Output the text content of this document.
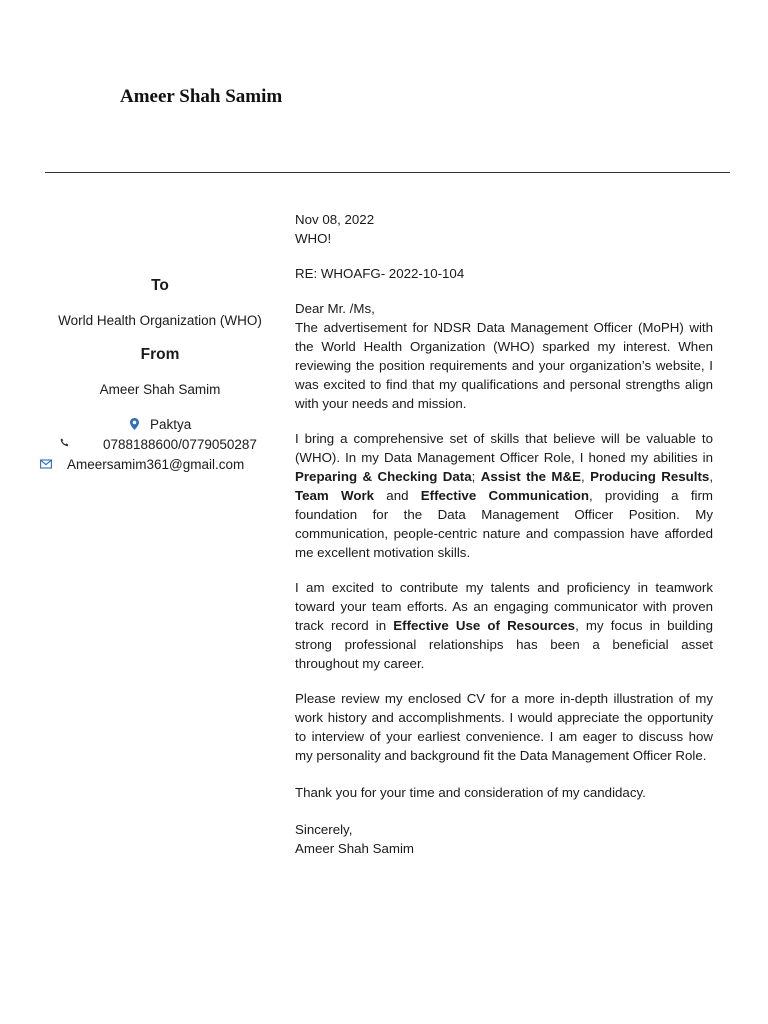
Ameer Shah Samim
To
World Health Organization (WHO)
From
Ameer Shah Samim
Paktya
0788188600/0779050287
Ameersamim361@gmail.com

Nov 08, 2022

WHO!

RE: WHOAFG- 2022-10-104

Dear Mr. /Ms,

The advertisement for NDSR Data Management Officer (MoPH) with the World Health Organization (WHO) sparked my interest. When reviewing the position requirements and your organization’s website, I was excited to find that my qualifications and personal strengths align with your needs and mission.

I bring a comprehensive set of skills that believe will be valuable to (WHO). In my Data Management Officer Role, I honed my abilities in Preparing & Checking Data; Assist the M&E, Producing Results, Team Work and Effective Communication, providing a firm foundation for the Data Management Officer Position. My communication, people-centric nature and compassion have afforded me excellent motivation skills.

I am excited to contribute my talents and proficiency in teamwork toward your team efforts. As an engaging communicator with proven track record in Effective Use of Resources, my focus in building strong professional relationships has been a beneficial asset throughout my career.

Please review my enclosed CV for a more in-depth illustration of my work history and accomplishments. I would appreciate the opportunity to interview of your earliest convenience. I am eager to discuss how my personality and background fit the Data Management Officer Role.

Thank you for your time and consideration of my candidacy.

Sincerely,

Ameer Shah Samim
